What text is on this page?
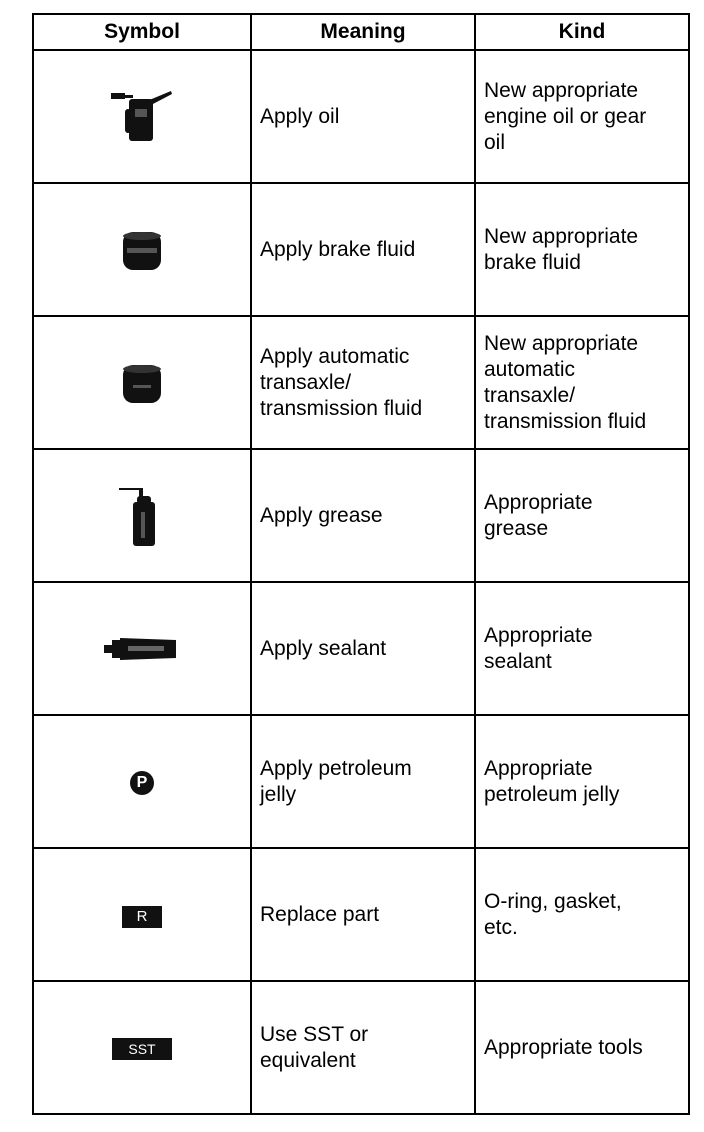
Symbol	Meaning	Kind
	Apply oil	New appropriate
engine oil or gear
oil
	Apply brake fluid	New appropriate
brake fluid
	Apply automatic
transaxle/
transmission fluid	New appropriate
automatic
transaxle/
transmission fluid
	Apply grease	Appropriate
grease
	Apply sealant	Appropriate
sealant
P	Apply petroleum
jelly	Appropriate
petroleum jelly
R	Replace part	O-ring, gasket,
etc.
SST	Use SST or
equivalent	Appropriate tools
